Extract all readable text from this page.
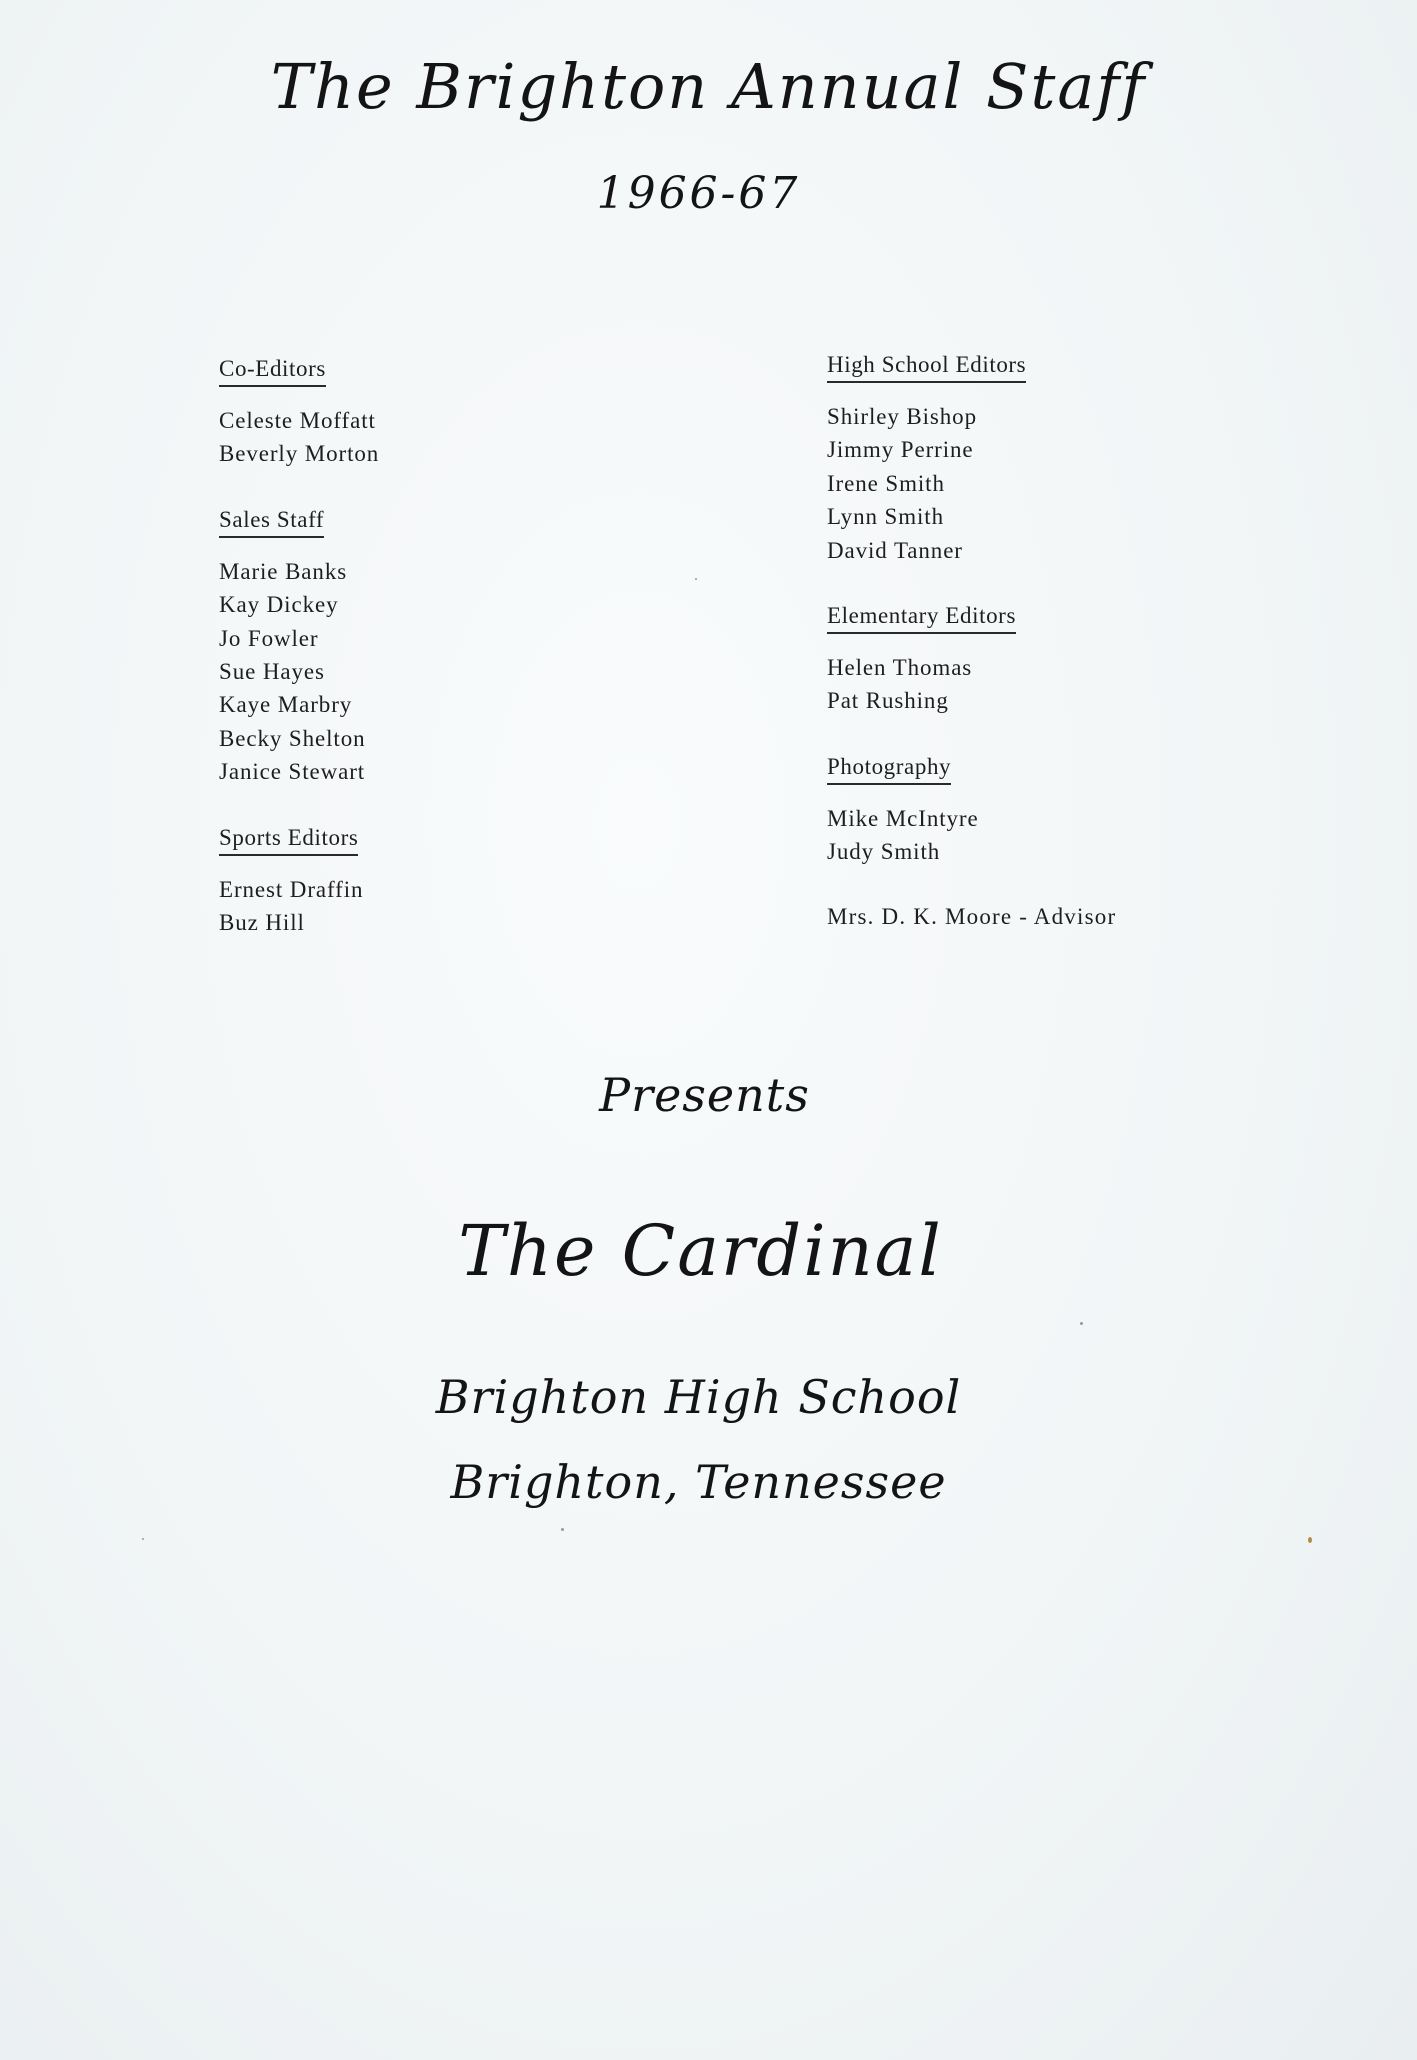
The Brighton Annual Staff
1966-67
Co-Editors
Celeste Moffatt
Beverly Morton
Sales Staff
Marie Banks
Kay Dickey
Jo Fowler
Sue Hayes
Kaye Marbry
Becky Shelton
Janice Stewart
Sports Editors
Ernest Draffin
Buz Hill
High School Editors
Shirley Bishop
Jimmy Perrine
Irene Smith
Lynn Smith
David Tanner
Elementary Editors
Helen Thomas
Pat Rushing
Photography
Mike McIntyre
Judy Smith
Mrs. D. K. Moore - Advisor
Presents
The Cardinal
Brighton High School
Brighton, Tennessee
